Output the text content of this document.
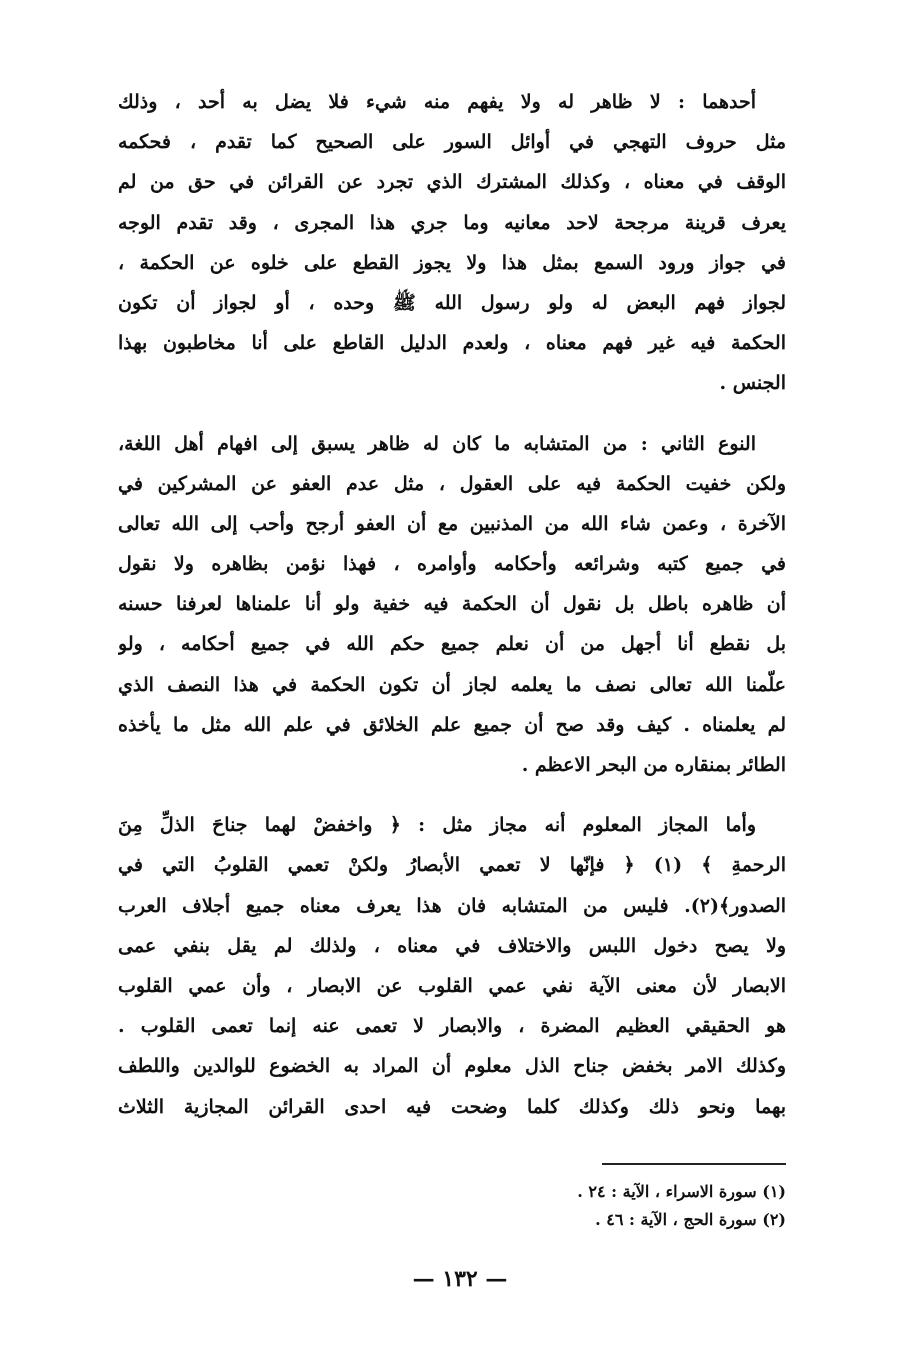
أحدهما : لا ظاهر له ولا يفهم منه شيء فلا يضل به أحد ، وذلك
مثل حروف التهجي في أوائل السور على الصحيح كما تقدم ، فحكمه
الوقف في معناه ، وكذلك المشترك الذي تجرد عن القرائن في حق من لم
يعرف قرينة مرجحة لاحد معانيه وما جري هذا المجرى ، وقد تقدم الوجه
في جواز ورود السمع بمثل هذا ولا يجوز القطع على خلوه عن الحكمة ،
لجواز فهم البعض له ولو رسول الله ﷺ وحده ، أو لجواز أن تكون
الحكمة فيه غير فهم معناه ، ولعدم الدليل القاطع على أنا مخاطبون بهذا
الجنس .
النوع الثاني : من المتشابه ما كان له ظاهر يسبق إلى افهام أهل اللغة،
ولكن خفيت الحكمة فيه على العقول ، مثل عدم العفو عن المشركين في
الآخرة ، وعمن شاء الله من المذنبين مع أن العفو أرجح وأحب إلى الله تعالى
في جميع كتبه وشرائعه وأحكامه وأوامره ، فهذا نؤمن بظاهره ولا نقول
أن ظاهره باطل بل نقول أن الحكمة فيه خفية ولو أنا علمناها لعرفنا حسنه
بل نقطع أنا أجهل من أن نعلم جميع حكم الله في جميع أحكامه ، ولو
علّمنا الله تعالى نصف ما يعلمه لجاز أن تكون الحكمة في هذا النصف الذي
لم يعلمناه . كيف وقد صح أن جميع علم الخلائق في علم الله مثل ما يأخذه
الطائر بمنقاره من البحر الاعظم .
وأما المجاز المعلوم أنه مجاز مثل : ﴿ واخفضْ لهما جناحَ الذلِّ مِنَ
الرحمةِ ﴾ (١) ﴿ فإنّها لا تعمي الأبصارُ ولكنْ تعمي القلوبُ التي في
الصدور﴾(٢). فليس من المتشابه فان هذا يعرف معناه جميع أجلاف العرب
ولا يصح دخول اللبس والاختلاف في معناه ، ولذلك لم يقل بنفي عمى
الابصار لأن معنى الآية نفي عمي القلوب عن الابصار ، وأن عمي القلوب
هو الحقيقي العظيم المضرة ، والابصار لا تعمى عنه إنما تعمى القلوب .
وكذلك الامر بخفض جناح الذل معلوم أن المراد به الخضوع للوالدين واللطف
بهما ونحو ذلك وكذلك كلما وضحت فيه احدى القرائن المجازية الثلاث
(١) سورة الاسراء ، الآية : ٢٤ .
(٢) سورة الحج ، الآية : ٤٦ .
— ١٣٢ —
